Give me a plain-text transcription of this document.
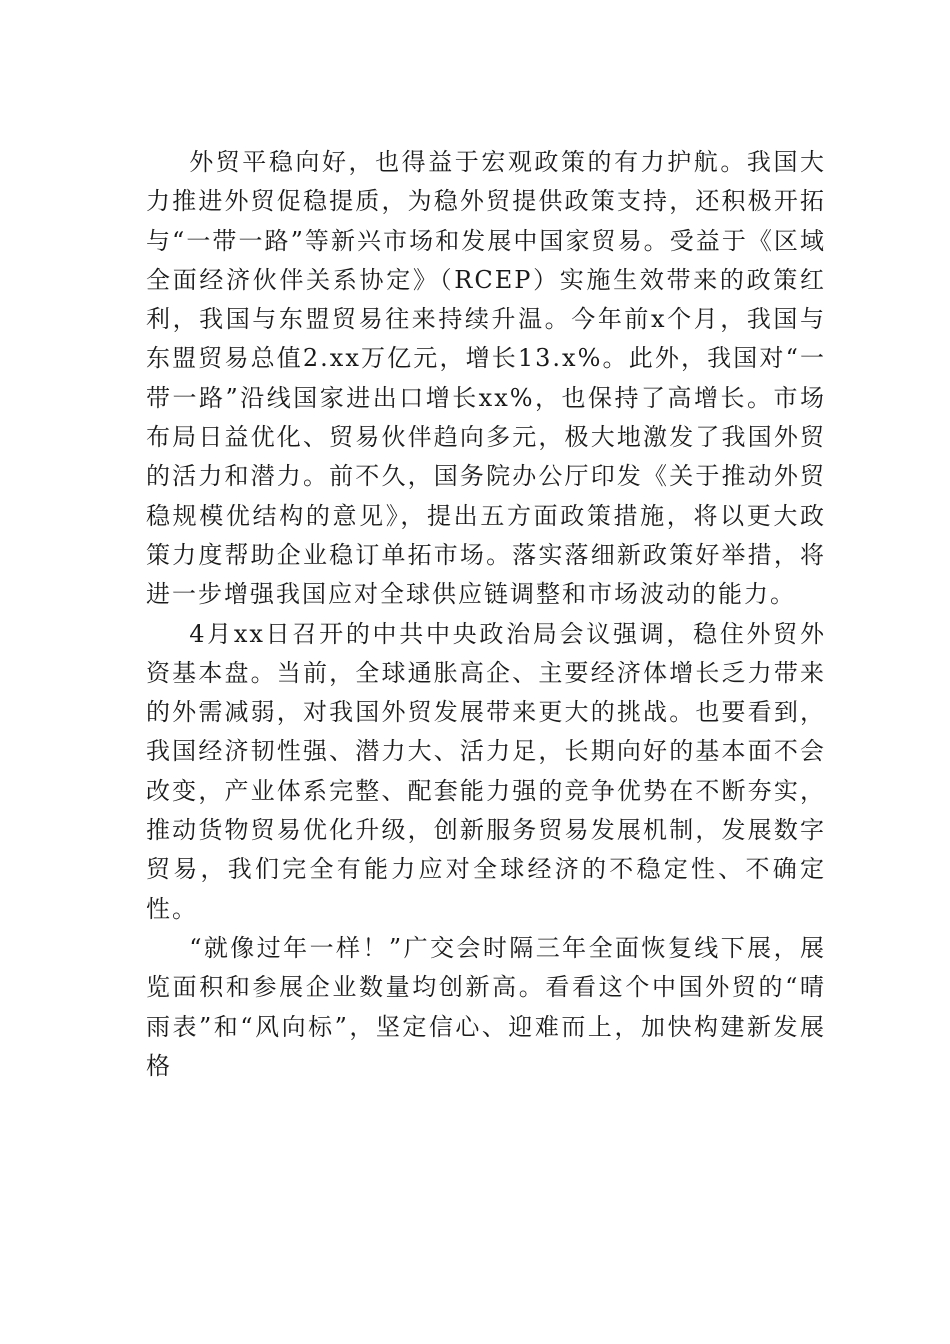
外贸平稳向好，也得益于宏观政策的有力护航。我国大力推进外贸促稳提质，为稳外贸提供政策支持，还积极开拓与“一带一路”等新兴市场和发展中国家贸易。受益于《区域全面经济伙伴关系协定》（RCEP）实施生效带来的政策红利，我国与东盟贸易往来持续升温。今年前x个月，我国与东盟贸易总值2.xx万亿元，增长13.x%。此外，我国对“一带一路”沿线国家进出口增长xx%，也保持了高增长。市场布局日益优化、贸易伙伴趋向多元，极大地激发了我国外贸的活力和潜力。前不久，国务院办公厅印发《关于推动外贸稳规模优结构的意见》，提出五方面政策措施，将以更大政策力度帮助企业稳订单拓市场。落实落细新政策好举措，将进一步增强我国应对全球供应链调整和市场波动的能力。

4月xx日召开的中共中央政治局会议强调，稳住外贸外资基本盘。当前，全球通胀高企、主要经济体增长乏力带来的外需减弱，对我国外贸发展带来更大的挑战。也要看到，我国经济韧性强、潜力大、活力足，长期向好的基本面不会改变，产业体系完整、配套能力强的竞争优势在不断夯实，推动货物贸易优化升级，创新服务贸易发展机制，发展数字贸易，我们完全有能力应对全球经济的不稳定性、不确定性。

“就像过年一样！”广交会时隔三年全面恢复线下展，展览面积和参展企业数量均创新高。看看这个中国外贸的“晴雨表”和“风向标”，坚定信心、迎难而上，加快构建新发展格
